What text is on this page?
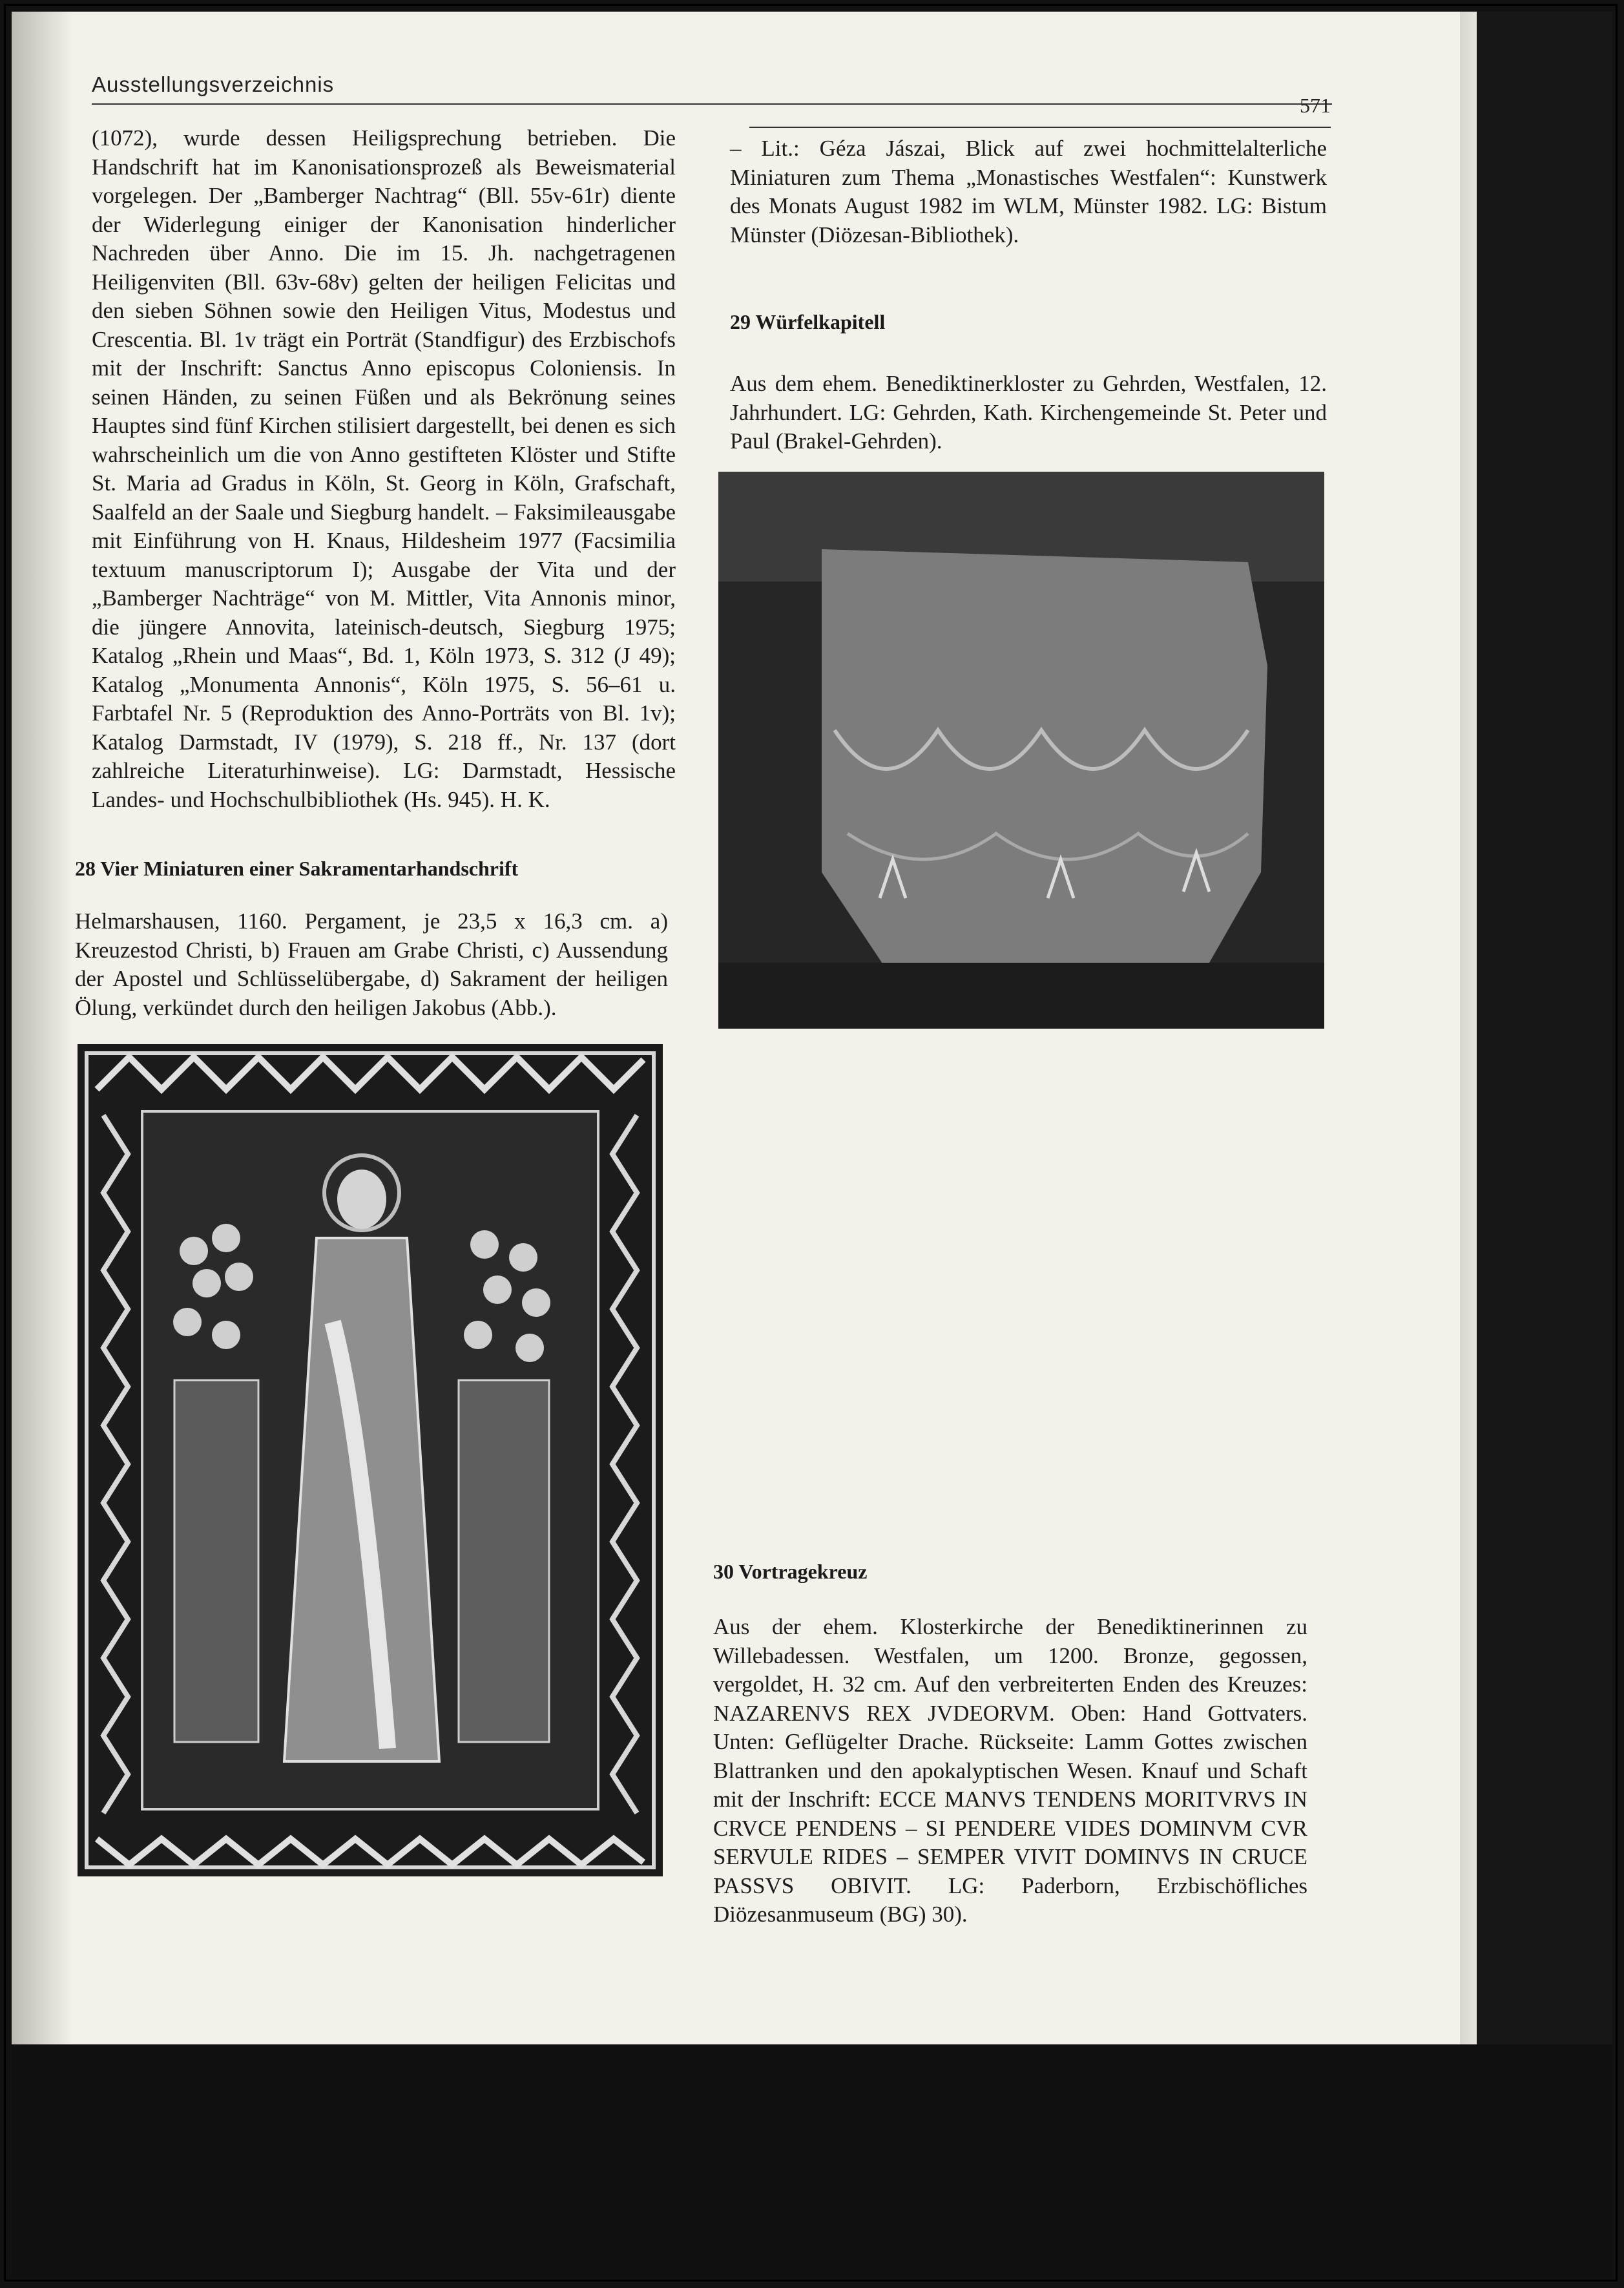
Ausstellungsverzeichnis
571

(1072), wurde dessen Heiligsprechung betrieben. Die Handschrift hat im Kanonisationsprozeß als Beweismaterial vorgelegen. Der „Bamberger Nachtrag“ (Bll. 55v-61r) diente der Widerlegung einiger der Kanonisation hinderlicher Nachreden über Anno. Die im 15. Jh. nachgetragenen Heiligenviten (Bll. 63v-68v) gelten der heiligen Felicitas und den sieben Söhnen sowie den Heiligen Vitus, Modestus und Crescentia. Bl. 1v trägt ein Porträt (Standfigur) des Erzbischofs mit der Inschrift: Sanctus Anno episcopus Coloniensis. In seinen Händen, zu seinen Füßen und als Bekrönung seines Hauptes sind fünf Kirchen stilisiert dargestellt, bei denen es sich wahrscheinlich um die von Anno gestifteten Klöster und Stifte St. Maria ad Gradus in Köln, St. Georg in Köln, Grafschaft, Saalfeld an der Saale und Siegburg handelt. – Faksimileausgabe mit Einführung von H. Knaus, Hildesheim 1977 (Facsimilia textuum manuscriptorum I); Ausgabe der Vita und der „Bamberger Nachträge“ von M. Mittler, Vita Annonis minor, die jüngere Annovita, lateinisch-deutsch, Siegburg 1975; Katalog „Rhein und Maas“, Bd. 1, Köln 1973, S. 312 (J 49); Katalog „Monumenta Annonis“, Köln 1975, S. 56–61 u. Farbtafel Nr. 5 (Reproduktion des Anno-Porträts von Bl. 1v); Katalog Darmstadt, IV (1979), S. 218 ff., Nr. 137 (dort zahlreiche Literaturhinweise). LG: Darmstadt, Hessische Landes- und Hochschulbibliothek (Hs. 945). H. K.

28 Vier Miniaturen einer Sakramentarhandschrift

Helmarshausen, 1160. Pergament, je 23,5 x 16,3 cm. a) Kreuzestod Christi, b) Frauen am Grabe Christi, c) Aussendung der Apostel und Schlüsselübergabe, d) Sakrament der heiligen Ölung, verkündet durch den heiligen Jakobus (Abb.).

– Lit.: Géza Jászai, Blick auf zwei hochmittelalterliche Miniaturen zum Thema „Monastisches Westfalen“: Kunstwerk des Monats August 1982 im WLM, Münster 1982. LG: Bistum Münster (Diözesan-Bibliothek).

29 Würfelkapitell

Aus dem ehem. Benediktinerkloster zu Gehrden, Westfalen, 12. Jahrhundert. LG: Gehrden, Kath. Kirchengemeinde St. Peter und Paul (Brakel-Gehrden).

30 Vortragekreuz

Aus der ehem. Klosterkirche der Benediktinerinnen zu Willebadessen. Westfalen, um 1200. Bronze, gegossen, vergoldet, H. 32 cm. Auf den verbreiterten Enden des Kreuzes: NAZARENVS REX JVDEORVM. Oben: Hand Gottvaters. Unten: Geflügelter Drache. Rückseite: Lamm Gottes zwischen Blattranken und den apokalyptischen Wesen. Knauf und Schaft mit der Inschrift: ECCE MANVS TENDENS MORITVRVS IN CRVCE PENDENS – SI PENDERE VIDES DOMINVM CVR SERVULE RIDES – SEMPER VIVIT DOMINVS IN CRUCE PASSVS OBIVIT. LG: Paderborn, Erzbischöfliches Diözesanmuseum (BG) 30).
